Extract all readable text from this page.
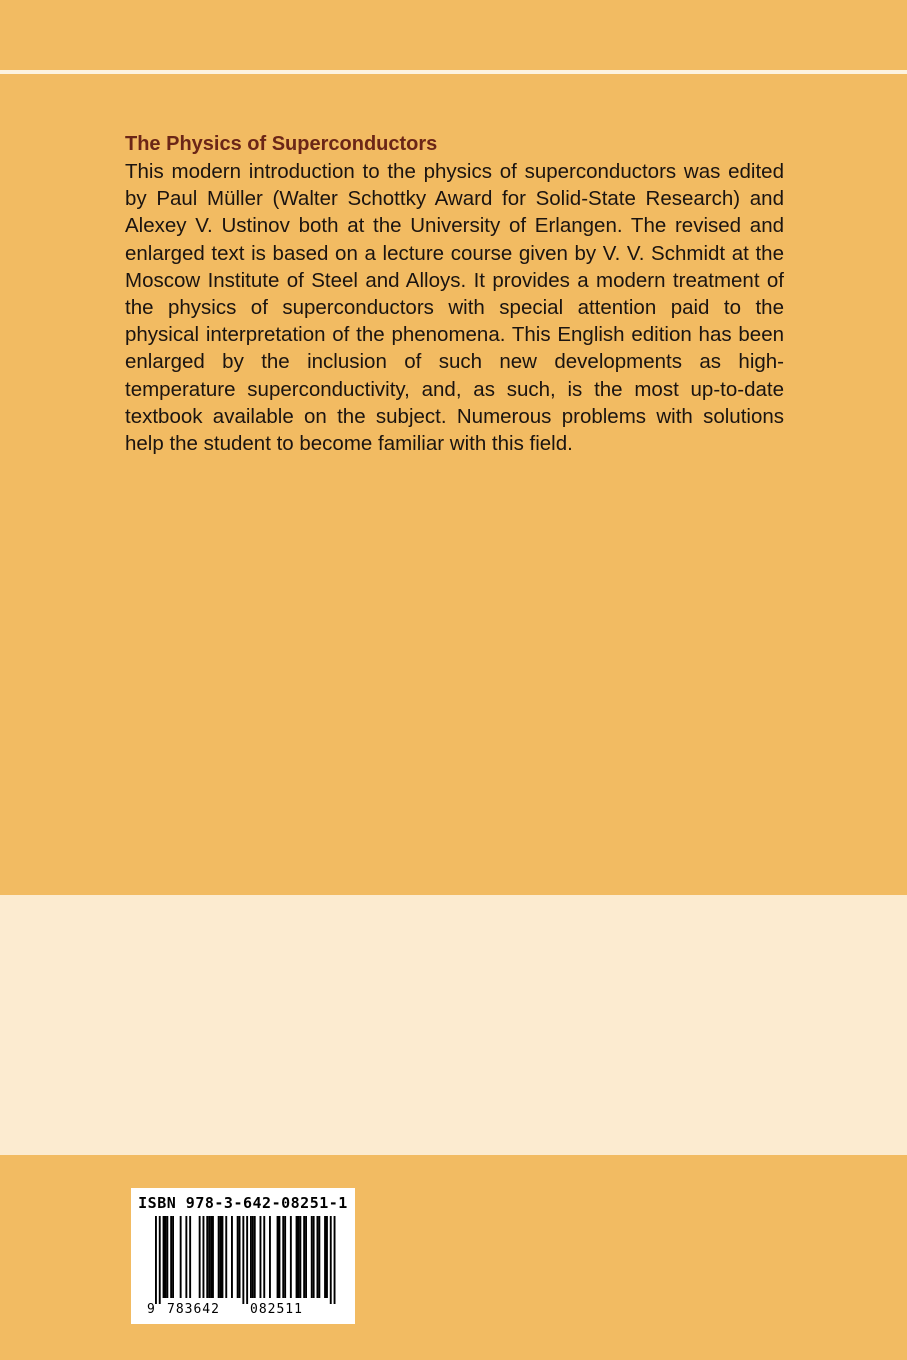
The Physics of Superconductors

This modern introduction to the physics of superconductors was edited by Paul Müller (Walter Schottky Award for Solid-State Research) and Alexey V. Ustinov both at the University of Erlangen. The revised and enlarged text is based on a lecture course given by V. V. Schmidt at the Moscow Institute of Steel and Alloys. It provides a modern treatment of the physics of superconductors with special attention paid to the physical interpretation of the phenomena. This English edition has been enlarged by the inclusion of such new developments as high-temperature superconductivity, and, as such, is the most up-to-date textbook available on the subject. Numerous problems with solutions help the student to become familiar with this field.

ISBN 978-3-642-08251-1
9 783642 082511
